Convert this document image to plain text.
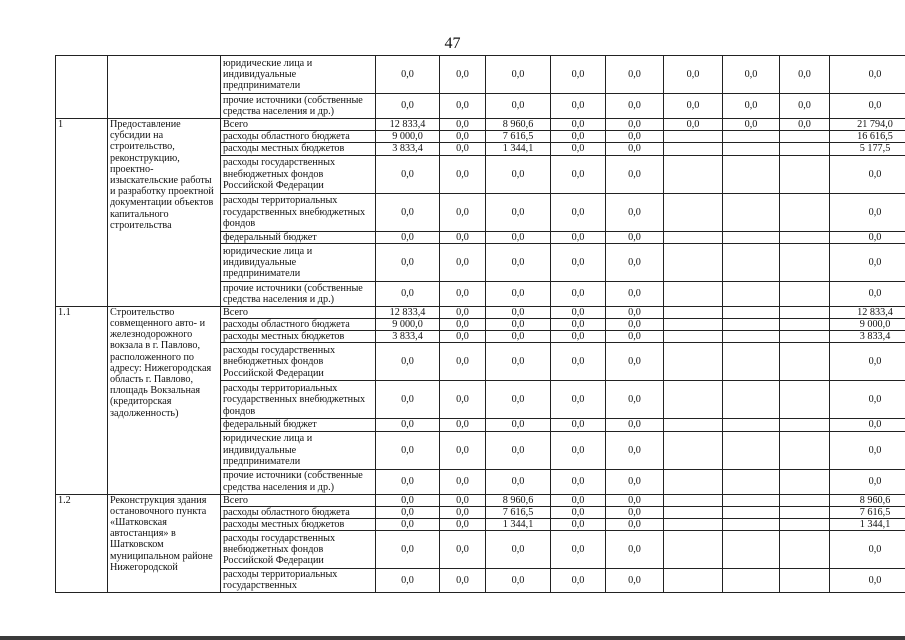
47
		юридические лица и индивидуальные предприниматели	0,0	0,0	0,0	0,0	0,0	0,0	0,0	0,0	0,0
		прочие источники (собственные средства населения и др.)	0,0	0,0	0,0	0,0	0,0	0,0	0,0	0,0	0,0
1	Предоставление субсидии на строительство, реконструкцию, проектно-изыскательские работы и разработку проектной документации объектов капитального строительства	Всего	12 833,4	0,0	8 960,6	0,0	0,0	0,0	0,0	0,0	21 794,0
		расходы областного бюджета	9 000,0	0,0	7 616,5	0,0	0,0				16 616,5
		расходы местных бюджетов	3 833,4	0,0	1 344,1	0,0	0,0				5 177,5
		расходы государственных внебюджетных фондов Российской Федерации	0,0	0,0	0,0	0,0	0,0				0,0
		расходы территориальных государственных внебюджетных фондов	0,0	0,0	0,0	0,0	0,0				0,0
		федеральный бюджет	0,0	0,0	0,0	0,0	0,0				0,0
		юридические лица и индивидуальные предприниматели	0,0	0,0	0,0	0,0	0,0				0,0
		прочие источники (собственные средства населения и др.)	0,0	0,0	0,0	0,0	0,0				0,0
1.1	Строительство совмещенного авто- и железнодорожного вокзала в г. Павлово, расположенного по адресу: Нижегородская область г. Павлово, площадь Вокзальная (кредиторская задолженность)	Всего	12 833,4	0,0	0,0	0,0	0,0				12 833,4
		расходы областного бюджета	9 000,0	0,0	0,0	0,0	0,0				9 000,0
		расходы местных бюджетов	3 833,4	0,0	0,0	0,0	0,0				3 833,4
		расходы государственных внебюджетных фондов Российской Федерации	0,0	0,0	0,0	0,0	0,0				0,0
		расходы территориальных государственных внебюджетных фондов	0,0	0,0	0,0	0,0	0,0				0,0
		федеральный бюджет	0,0	0,0	0,0	0,0	0,0				0,0
		юридические лица и индивидуальные предприниматели	0,0	0,0	0,0	0,0	0,0				0,0
		прочие источники (собственные средства населения и др.)	0,0	0,0	0,0	0,0	0,0				0,0
1.2	Реконструкция здания остановочного пункта «Шатковская автостанция» в Шатковском муниципальном районе Нижегородской	Всего	0,0	0,0	8 960,6	0,0	0,0				8 960,6
		расходы областного бюджета	0,0	0,0	7 616,5	0,0	0,0				7 616,5
		расходы местных бюджетов	0,0	0,0	1 344,1	0,0	0,0				1 344,1
		расходы государственных внебюджетных фондов Российской Федерации	0,0	0,0	0,0	0,0	0,0				0,0
		расходы территориальных государственных	0,0	0,0	0,0	0,0	0,0				0,0
